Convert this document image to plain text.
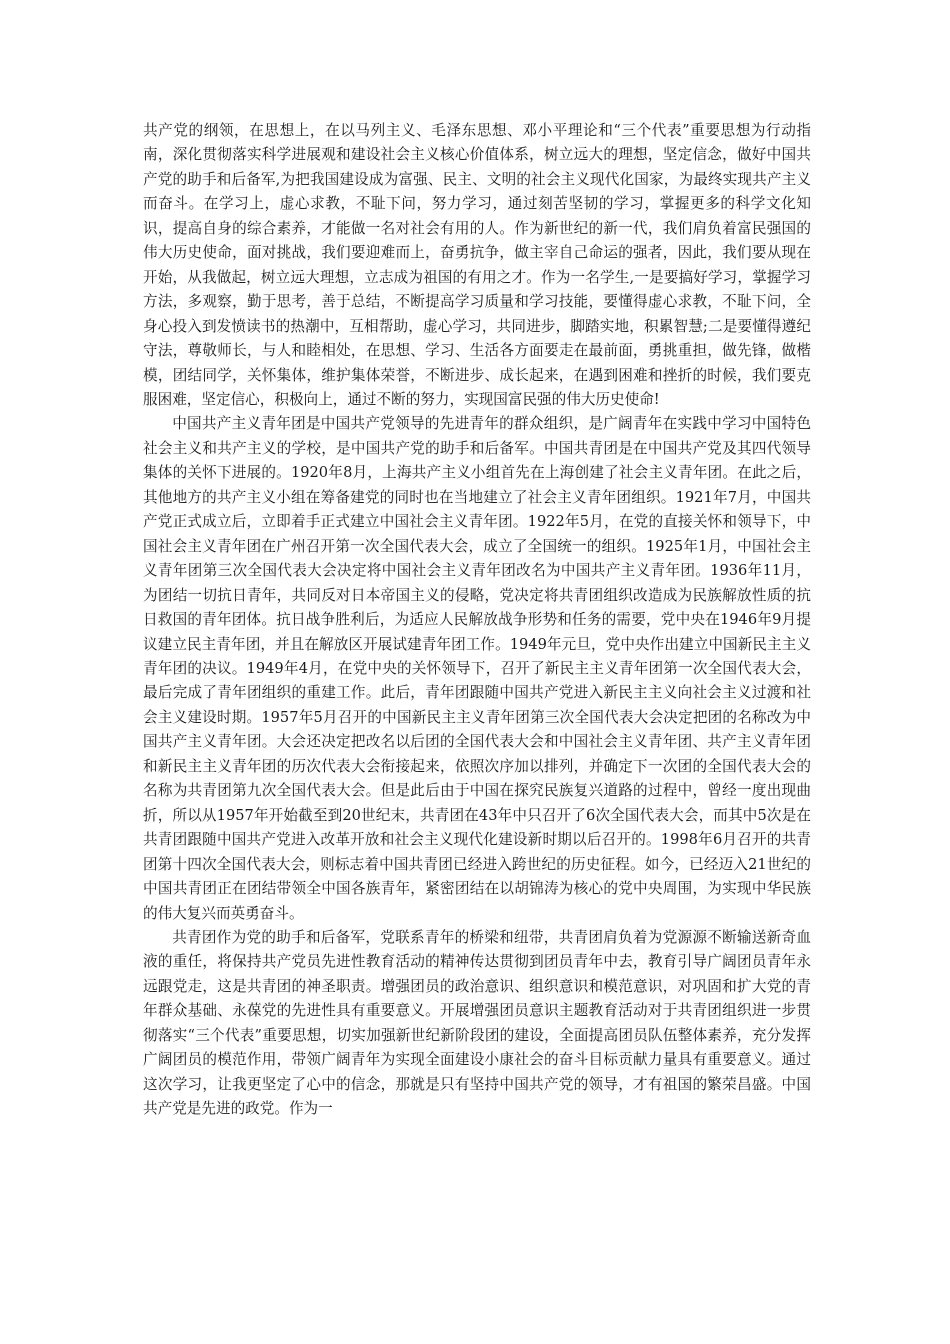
共产党的纲领，在思想上，在以马列主义、毛泽东思想、邓小平理论和“三个代表”重要思想为行动指南，深化贯彻落实科学进展观和建设社会主义核心价值体系，树立远大的理想，坚定信念，做好中国共产党的助手和后备军,为把我国建设成为富强、民主、文明的社会主义现代化国家，为最终实现共产主义而奋斗。在学习上，虚心求教，不耻下问，努力学习，通过刻苦坚韧的学习，掌握更多的科学文化知识，提高自身的综合素养，才能做一名对社会有用的人。作为新世纪的新一代，我们肩负着富民强国的伟大历史使命，面对挑战，我们要迎难而上，奋勇抗争，做主宰自己命运的强者，因此，我们要从现在开始，从我做起，树立远大理想，立志成为祖国的有用之才。作为一名学生,一是要搞好学习，掌握学习方法，多观察，勤于思考，善于总结，不断提高学习质量和学习技能，要懂得虚心求教，不耻下问，全身心投入到发愤读书的热潮中，互相帮助，虚心学习，共同进步，脚踏实地，积累智慧;二是要懂得遵纪守法，尊敬师长，与人和睦相处，在思想、学习、生活各方面要走在最前面，勇挑重担，做先锋，做楷模，团结同学，关怀集体，维护集体荣誉，不断进步、成长起来，在遇到困难和挫折的时候，我们要克服困难，坚定信心，积极向上，通过不断的努力，实现国富民强的伟大历史使命!

中国共产主义青年团是中国共产党领导的先进青年的群众组织，是广阔青年在实践中学习中国特色社会主义和共产主义的学校，是中国共产党的助手和后备军。中国共青团是在中国共产党及其四代领导集体的关怀下进展的。1920年8月，上海共产主义小组首先在上海创建了社会主义青年团。在此之后，其他地方的共产主义小组在筹备建党的同时也在当地建立了社会主义青年团组织。1921年7月，中国共产党正式成立后，立即着手正式建立中国社会主义青年团。1922年5月，在党的直接关怀和领导下，中国社会主义青年团在广州召开第一次全国代表大会，成立了全国统一的组织。1925年1月，中国社会主义青年团第三次全国代表大会决定将中国社会主义青年团改名为中国共产主义青年团。1936年11月，为团结一切抗日青年，共同反对日本帝国主义的侵略，党决定将共青团组织改造成为民族解放性质的抗日救国的青年团体。抗日战争胜利后，为适应人民解放战争形势和任务的需要，党中央在1946年9月提议建立民主青年团，并且在解放区开展试建青年团工作。1949年元旦，党中央作出建立中国新民主主义青年团的决议。1949年4月，在党中央的关怀领导下，召开了新民主主义青年团第一次全国代表大会，最后完成了青年团组织的重建工作。此后，青年团跟随中国共产党进入新民主主义向社会主义过渡和社会主义建设时期。1957年5月召开的中国新民主主义青年团第三次全国代表大会决定把团的名称改为中国共产主义青年团。大会还决定把改名以后团的全国代表大会和中国社会主义青年团、共产主义青年团和新民主主义青年团的历次代表大会衔接起来，依照次序加以排列，并确定下一次团的全国代表大会的名称为共青团第九次全国代表大会。但是此后由于中国在探究民族复兴道路的过程中，曾经一度出现曲折，所以从1957年开始截至到20世纪末，共青团在43年中只召开了6次全国代表大会，而其中5次是在共青团跟随中国共产党进入改革开放和社会主义现代化建设新时期以后召开的。1998年6月召开的共青团第十四次全国代表大会，则标志着中国共青团已经进入跨世纪的历史征程。如今，已经迈入21世纪的中国共青团正在团结带领全中国各族青年，紧密团结在以胡锦涛为核心的党中央周围，为实现中华民族的伟大复兴而英勇奋斗。

共青团作为党的助手和后备军，党联系青年的桥梁和纽带，共青团肩负着为党源源不断输送新奇血液的重任，将保持共产党员先进性教育活动的精神传达贯彻到团员青年中去，教育引导广阔团员青年永远跟党走，这是共青团的神圣职责。增强团员的政治意识、组织意识和模范意识，对巩固和扩大党的青年群众基础、永葆党的先进性具有重要意义。开展增强团员意识主题教育活动对于共青团组织进一步贯彻落实“三个代表”重要思想，切实加强新世纪新阶段团的建设，全面提高团员队伍整体素养，充分发挥广阔团员的模范作用，带领广阔青年为实现全面建设小康社会的奋斗目标贡献力量具有重要意义。通过这次学习，让我更坚定了心中的信念，那就是只有坚持中国共产党的领导，才有祖国的繁荣昌盛。中国共产党是先进的政党。作为一
